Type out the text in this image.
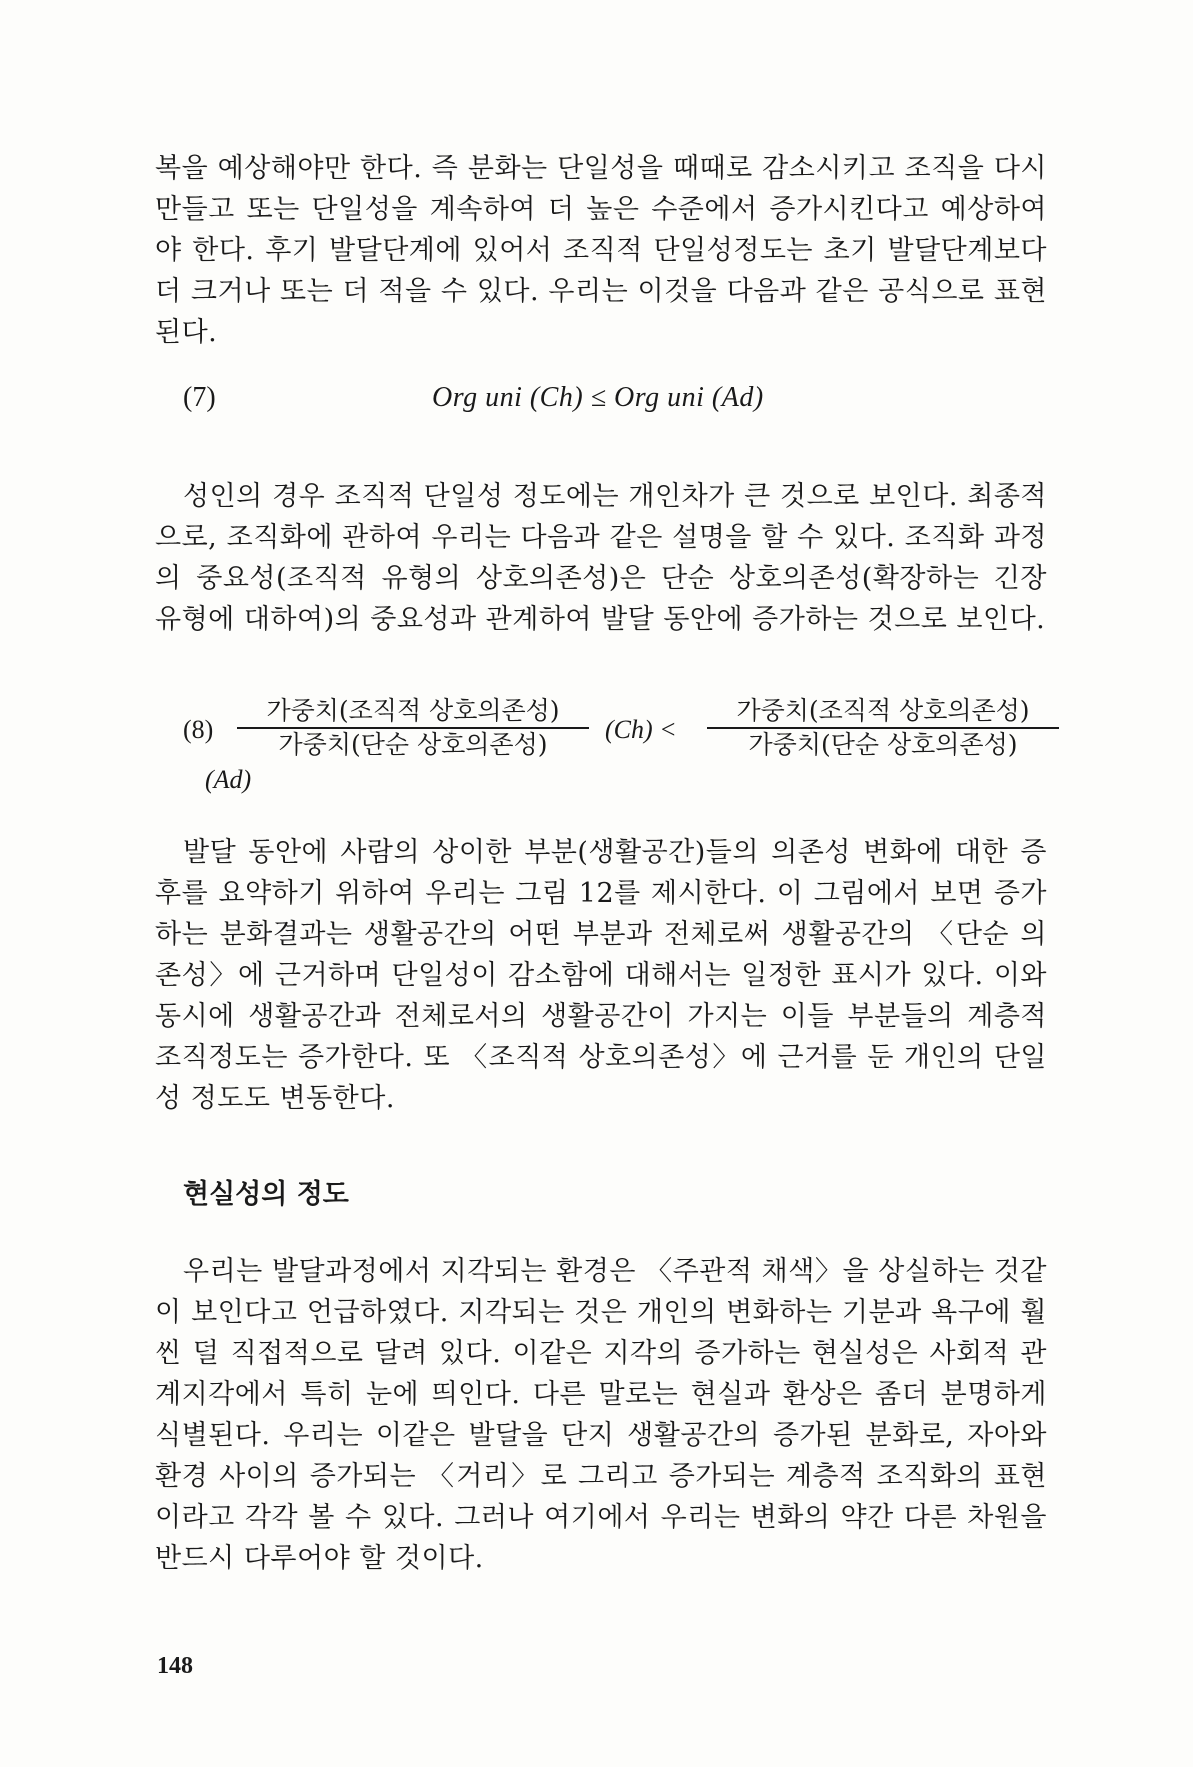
복을 예상해야만 한다. 즉 분화는 단일성을 때때로 감소시키고 조직을 다시 만들고 또는 단일성을 계속하여 더 높은 수준에서 증가시킨다고 예상하여야 한다. 후기 발달단계에 있어서 조직적 단일성정도는 초기 발달단계보다 더 크거나 또는 더 적을 수 있다. 우리는 이것을 다음과 같은 공식으로 표현된다.
(7)	Org uni (Ch) ≤ Org uni (Ad)
성인의 경우 조직적 단일성 정도에는 개인차가 큰 것으로 보인다. 최종적으로, 조직화에 관하여 우리는 다음과 같은 설명을 할 수 있다. 조직화 과정의 중요성(조직적 유형의 상호의존성)은 단순 상호의존성(확장하는 긴장 유형에 대하여)의 중요성과 관계하여 발달 동안에 증가하는 것으로 보인다.
(8)
가중치(조직적 상호의존성)
가중치(단순 상호의존성)
(Ch) <
가중치(조직적 상호의존성)
가중치(단순 상호의존성)
(Ad)
발달 동안에 사람의 상이한 부분(생활공간)들의 의존성 변화에 대한 증후를 요약하기 위하여 우리는 그림 12를 제시한다. 이 그림에서 보면 증가하는 분화결과는 생활공간의 어떤 부분과 전체로써 생활공간의 〈단순 의존성〉에 근거하며 단일성이 감소함에 대해서는 일정한 표시가 있다. 이와 동시에 생활공간과 전체로서의 생활공간이 가지는 이들 부분들의 계층적 조직정도는 증가한다. 또 〈조직적 상호의존성〉에 근거를 둔 개인의 단일성 정도도 변동한다.
현실성의 정도
우리는 발달과정에서 지각되는 환경은 〈주관적 채색〉을 상실하는 것같이 보인다고 언급하였다. 지각되는 것은 개인의 변화하는 기분과 욕구에 훨씬 덜 직접적으로 달려 있다. 이같은 지각의 증가하는 현실성은 사회적 관계지각에서 특히 눈에 띄인다. 다른 말로는 현실과 환상은 좀더 분명하게 식별된다. 우리는 이같은 발달을 단지 생활공간의 증가된 분화로, 자아와 환경 사이의 증가되는 〈거리〉로 그리고 증가되는 계층적 조직화의 표현이라고 각각 볼 수 있다. 그러나 여기에서 우리는 변화의 약간 다른 차원을 반드시 다루어야 할 것이다.
148
